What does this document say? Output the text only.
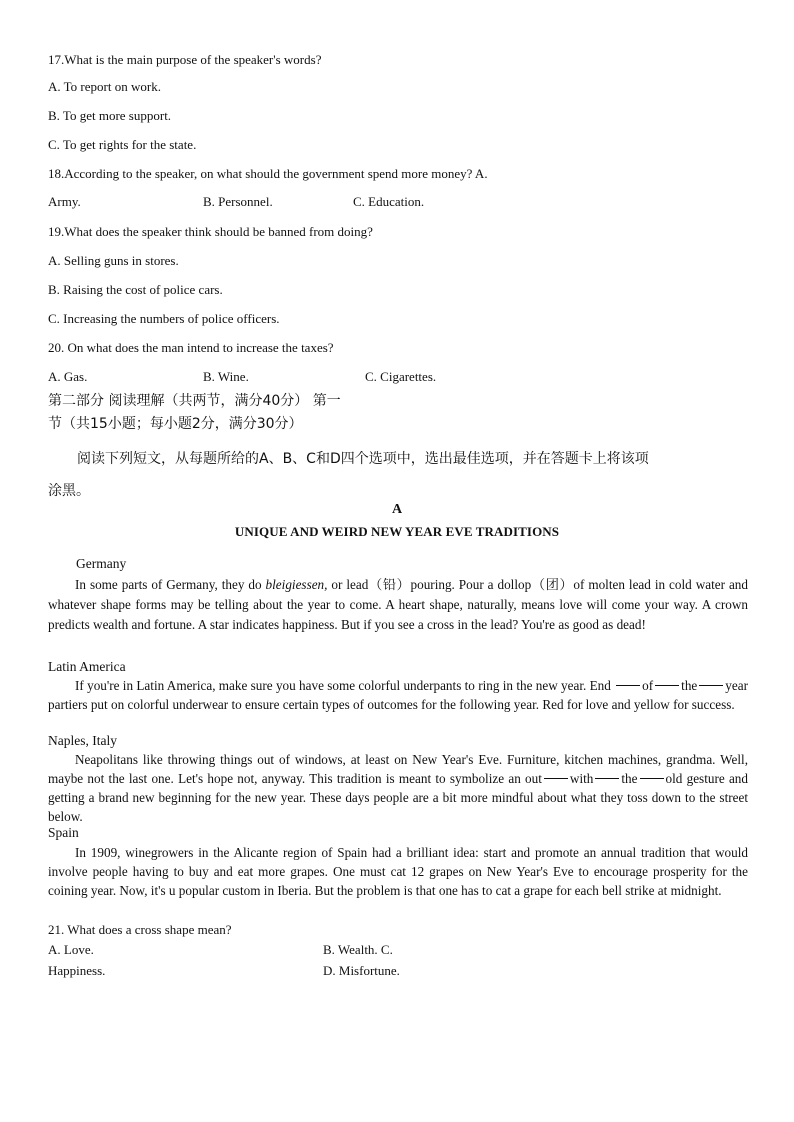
17.What is the main purpose of the speaker's words?
A. To report on work.
B. To get more support.
C. To get rights for the state.
18.According to the speaker, on what should the government spend more money? A.
Army.	B. Personnel.	C. Education.
19.What does the speaker think should be banned from doing?
A. Selling guns in stores.
B. Raising the cost of police cars.
C. Increasing the numbers of police officers.
20. On what does the man intend to increase the taxes?
A. Gas.	B. Wine.	C. Cigarettes.
第二部分 阅读理解（共两节，满分40分） 第一
节（共15小题；每小题2分，满分30分）
阅读下列短文，从每题所给的A、B、C和D四个选项中，选出最佳选项，并在答题卡上将该项
涂黑。
A
UNIQUE AND WEIRD NEW YEAR EVE TRADITIONS
Germany
In some parts of Germany, they do bleigiessen, or lead（铅）pouring. Pour a dollop（团）of molten lead in cold water and whatever shape forms may be telling about the year to come. A heart shape, naturally, means love will come your way. A crown predicts wealth and fortune. A star indicates happiness. But if you see a cross in the lead? You're as good as dead!
Latin America
If you're in Latin America, make sure you have some colorful underpants to ring in the new year. End of the year partiers put on colorful underwear to ensure certain types of outcomes for the following year. Red for love and yellow for success.
Naples, Italy
Neapolitans like throwing things out of windows, at least on New Year's Eve. Furniture, kitchen machines, grandma. Well, maybe not the last one. Let's hope not, anyway. This tradition is meant to symbolize an out with the old gesture and getting a brand new beginning for the new year. These days people are a bit more mindful about what they toss down to the street below.
Spain
In 1909, winegrowers in the Alicante region of Spain had a brilliant idea: start and promote an annual tradition that would involve people having to buy and eat more grapes. One must cat 12 grapes on New Year's Eve to encourage prosperity for the coining year. Now, it's u popular custom in Iberia. But the problem is that one has to cat a grape for each bell strike at midnight.
21. What does a cross shape mean?
A. Love.	B. Wealth. C.
Happiness.	D. Misfortune.
